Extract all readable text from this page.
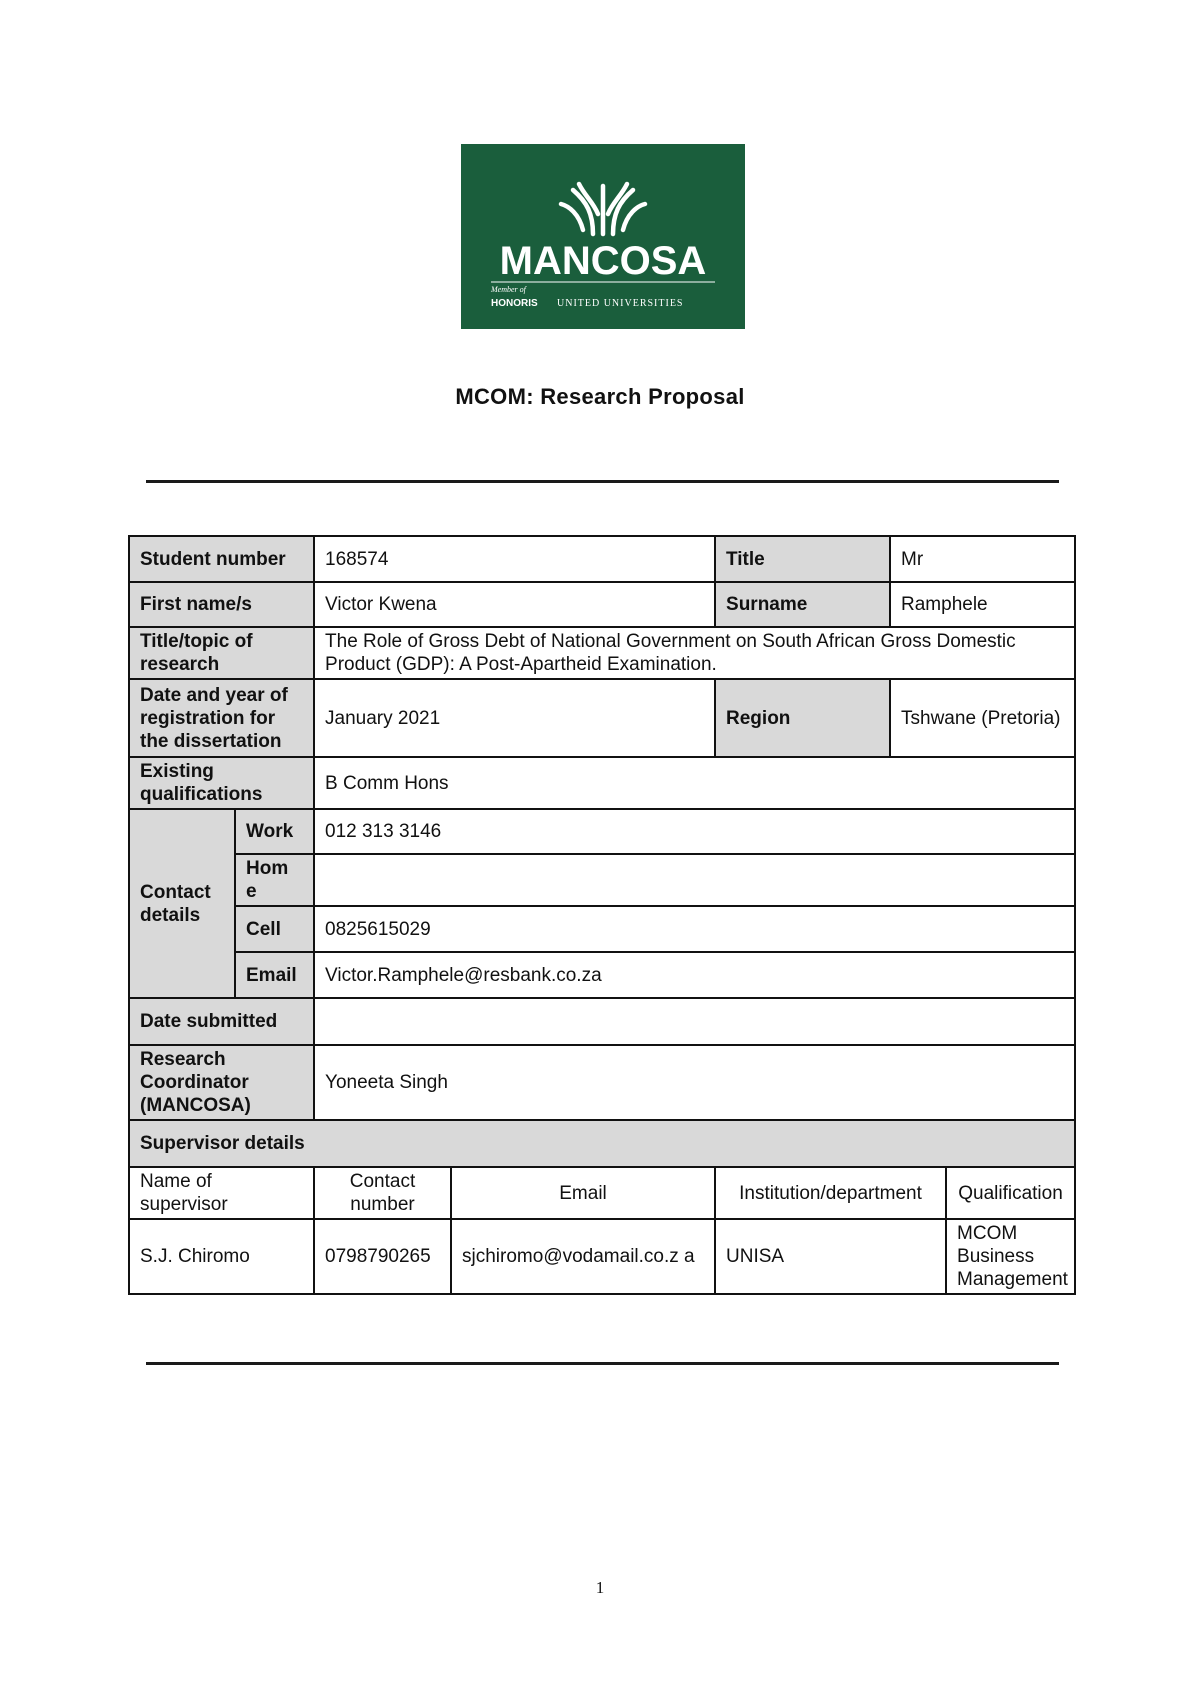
MANCOSA
Member of
HONORIS UNITED UNIVERSITIES
MCOM: Research Proposal
Student number		168574		Title	Mr	
First name/s		Victor Kwena		Surname	Ramphele	
Title/topic of research		The Role of Gross Debt of National Government on South African Gross Domestic Product (GDP): A Post-Apartheid Examination.				
Date and year of registration for the dissertation		January 2021		Region	Tshwane (Pretoria)	
Existing qualifications		B Comm Hons				
Contact details	Work	012 313 3146				
	Hom e					
	Cell	0825615029				
	Email	Victor.Ramphele@resbank.co.za				
Date submitted						
Research Coordinator (MANCOSA)		Yoneeta Singh				
Supervisor details						
Name of supervisor		Contact number	Email	Institution/department		Qualification
S.J. Chiromo		0798790265	sjchiromo@vodamail.co.z a	UNISA		MCOM Business Management
1
